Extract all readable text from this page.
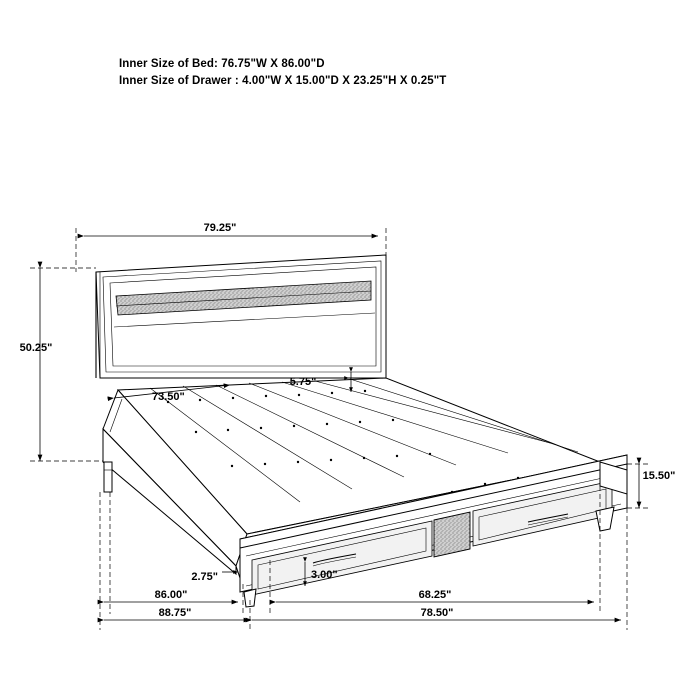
Inner Size of Bed: 76.75"W X 86.00"D
Inner Size of Drawer : 4.00"W X 15.00"D X 23.25"H X 0.25"T
79.25"
50.25"
73.50"
5.75"
15.50"
3.00"
2.75"
68.25"
86.00"
88.75"	78.50"
